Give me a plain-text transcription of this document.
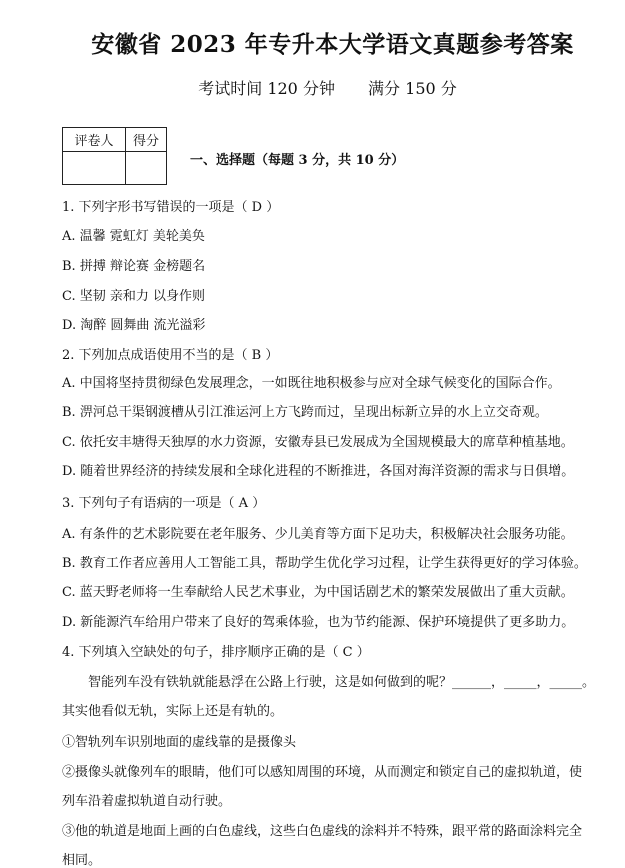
安徽省 2023 年专升本大学语文真题参考答案
考试时间 120 分钟 满分 150 分
评卷人	得分

一、选择题（每题 3 分，共 10 分）
1. 下列字形书写错误的一项是（ D ）
A. 温馨 霓虹灯 美轮美奂
B. 拼搏 辩论赛 金榜题名
C. 坚韧 亲和力 以身作则
D. 淘醉 圆舞曲 流光溢彩
2. 下列加点成语使用不当的是（ B ）
A. 中国将坚持贯彻绿色发展理念，一如既往地积极参与应对全球气候变化的国际合作。
B. 淠河总干渠钢渡槽从引江淮运河上方飞跨而过，呈现出标新立异的水上立交奇观。
C. 依托安丰塘得天独厚的水力资源，安徽寿县已发展成为全国规模最大的席草种植基地。
D. 随着世界经济的持续发展和全球化进程的不断推进，各国对海洋资源的需求与日俱增。
3. 下列句子有语病的一项是（ A ）
A. 有条件的艺术影院要在老年服务、少儿美育等方面下足功夫，积极解决社会服务功能。
B. 教育工作者应善用人工智能工具，帮助学生优化学习过程，让学生获得更好的学习体验。
C. 蓝天野老师将一生奉献给人民艺术事业，为中国话剧艺术的繁荣发展做出了重大贡献。
D. 新能源汽车给用户带来了良好的驾乘体验，也为节约能源、保护环境提供了更多助力。
4. 下列填入空缺处的句子，排序顺序正确的是（ C ）
智能列车没有铁轨就能悬浮在公路上行驶，这是如何做到的呢？______，_____，_____。
其实他看似无轨，实际上还是有轨的。
①智轨列车识别地面的虚线靠的是摄像头
②摄像头就像列车的眼睛，他们可以感知周围的环境，从而测定和锁定自己的虚拟轨道，使
列车沿着虚拟轨道自动行驶。
③他的轨道是地面上画的白色虚线，这些白色虚线的涂料并不特殊，跟平常的路面涂料完全
相同。
